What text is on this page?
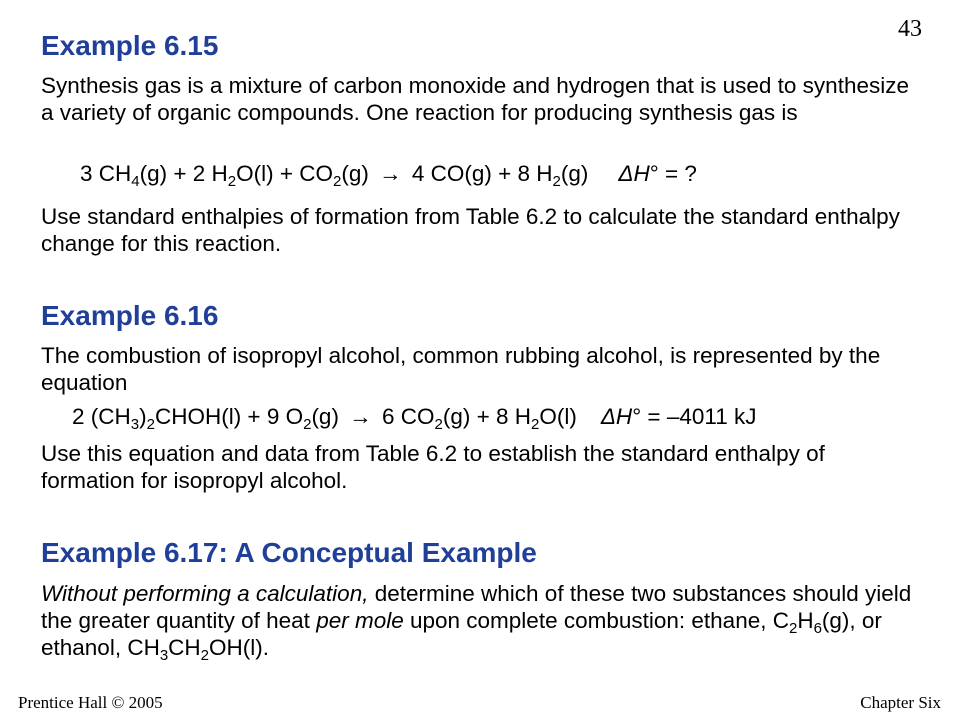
43
Example 6.15

Synthesis gas is a mixture of carbon monoxide and hydrogen that is used to synthesize a variety of organic compounds. One reaction for producing synthesis gas is

3 $CH_4(g) + 2$ $H_2O(l) + CO_2(g) \to 4$ CO(g) + 8 $H_2(g) \Delta H^\circ$ = ?

Use standard enthalpies of formation from Table 6.2 to calculate the standard enthalpy change for this reaction.

Example 6.16

The combustion of isopropyl alcohol, common rubbing alcohol, is represented by the equation

2 $(CH_3)_2CHOH(l) + 9$ $O_2(g) \to 6$ $CO_2(g) + 8$ $H_2O(l) \Delta H^\circ = -4011$ kJ

Use this equation and data from Table 6.2 to establish the standard enthalpy of formation for isopropyl alcohol.

Example 6.17: A Conceptual Example

Without performing a calculation, determine which of these two substances should yield the greater quantity of heat per mole upon complete combustion: ethane, $C_2H_6(g)$, or ethanol, $CH_3CH_2OH(l)$.

Prentice Hall © 2005	Chapter Six
